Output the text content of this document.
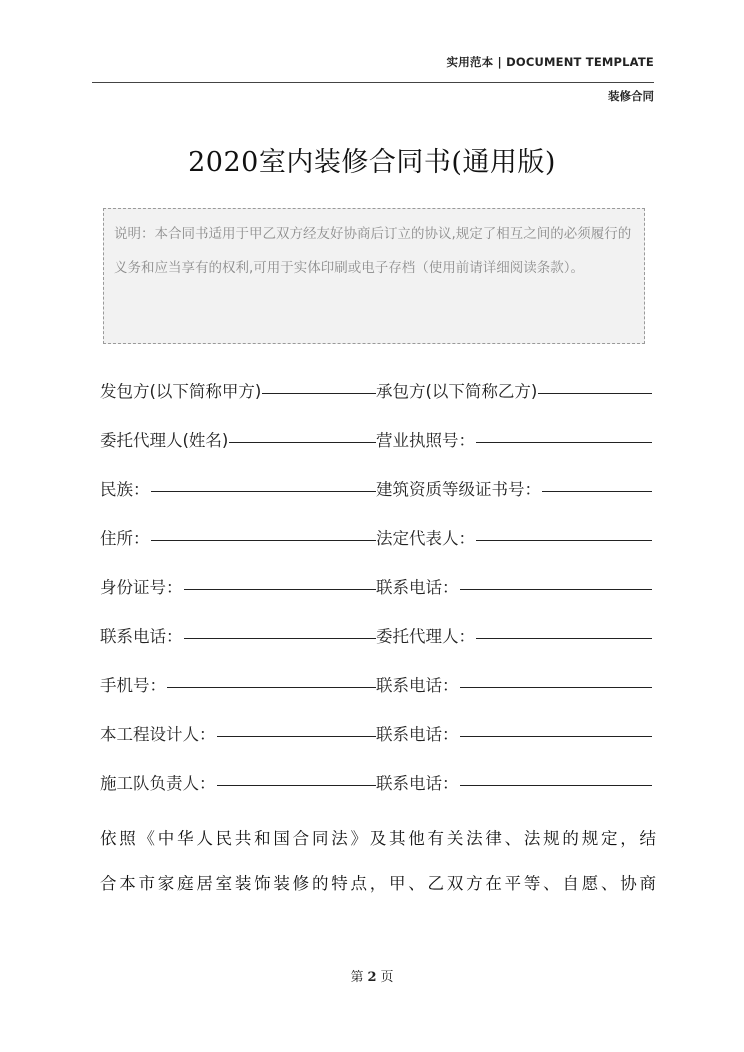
实用范本 | DOCUMENT TEMPLATE
装修合同
2020室内装修合同书(通用版)
说明：本合同书适用于甲乙双方经友好协商后订立的协议,规定了相互之间的必须履行的义务和应当享有的权利,可用于实体印刷或电子存档（使用前请详细阅读条款）。
发包方(以下简称甲方)	承包方(以下简称乙方)
委托代理人(姓名)	营业执照号：
民族：	建筑资质等级证书号：
住所：	法定代表人：
身份证号：	联系电话：
联系电话：	委托代理人：
手机号：	联系电话：
本工程设计人：	联系电话：
施工队负责人：	联系电话：

依照《中华人民共和国合同法》及其他有关法律、法规的规定，结

合本市家庭居室装饰装修的特点，甲、乙双方在平等、自愿、协商

第 2 页
